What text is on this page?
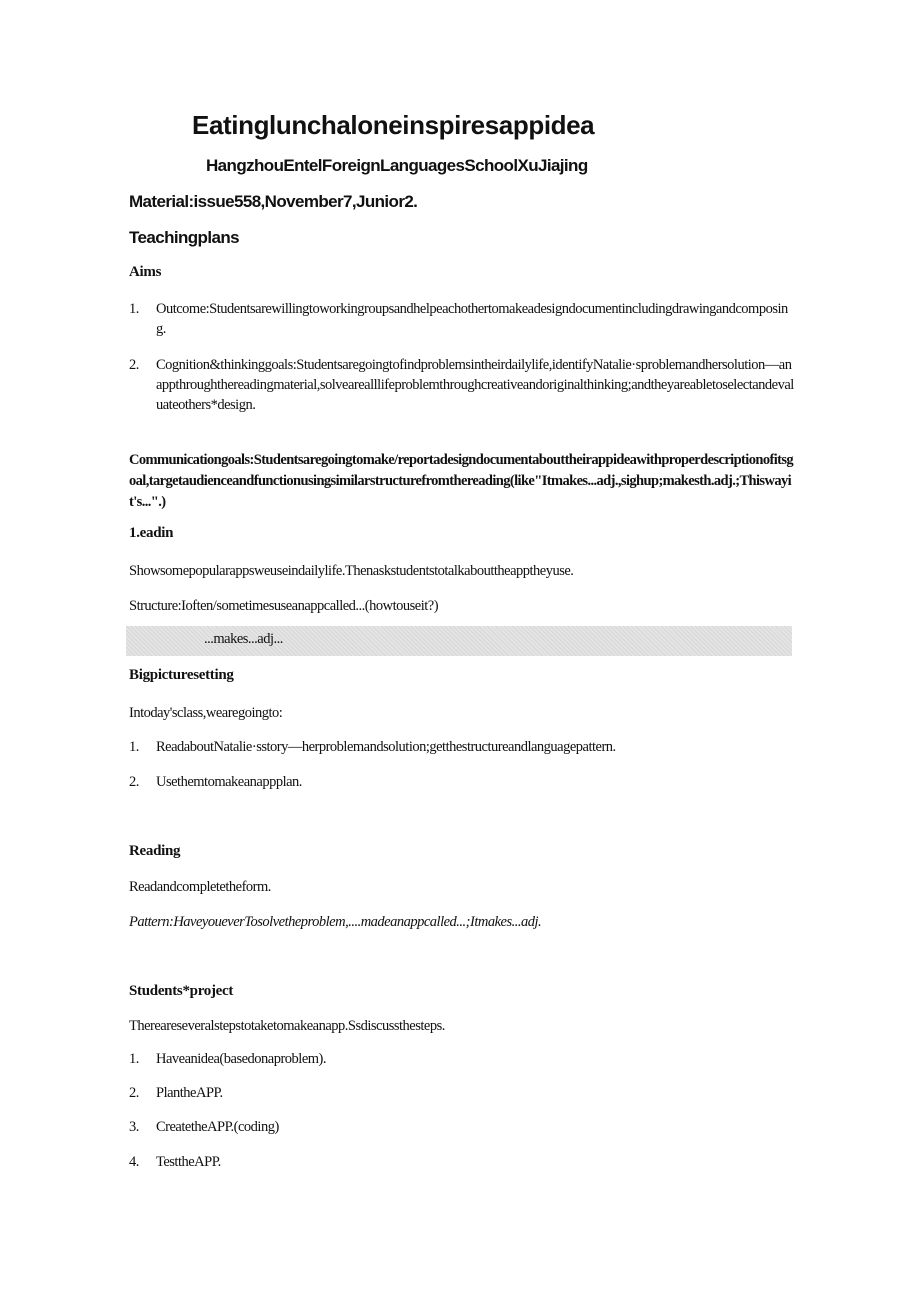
Eatinglunchaloneinspiresappidea
HangzhouEntelForeignLanguagesSchoolXuJiajing

Material:issue558,November7,Junior2.

Teachingplans

Aims

1. Outcome:Studentsarewillingtoworkingroupsandhelpeachothertomakeadesigndocumentincludingdrawingandcomposing.
2. Cognition&thinkinggoals:Studentsaregoingtofindproblemsintheirdailylife,identifyNatalie·sproblemandhersolution—anappthroughthereadingmaterial,solvearealllifeproblemthroughcreativeandoriginalthinking;andtheyareabletoselectandevaluateothers*design.

Communicationgoals:Studentsaregoingtomake/reportadesigndocumentabouttheirappideawithproperdescriptionofitsgoal,targetaudienceandfunctionusingsimilarstructurefromthereading(like"Itmakes...adj.,sighup;makesth.adj.;Thiswayit's...".)

1.eadin

Showsomepopularappsweuseindailylife.Thenaskstudentstotalkabouttheapptheyuse.

Structure:Ioften/sometimesuseanappcalled...(howtouseit?)

...makes...adj...

Bigpicturesetting

Intoday'sclass,wearegoingto:

1. ReadaboutNatalie·sstory—herproblemandsolution;getthestructureandlanguagepattern.
2. Usethemtomakeanappplan.

Reading

Readandcompletetheform.

Pattern:HaveyoueverTosolvetheproblem,....madeanappcalled...;Itmakes...adj.

Students*project

Thereareseveralstepstotaketomakeanapp.Ssdiscussthesteps.

1. Haveanidea(basedonaproblem).
2. PlantheAPP.
3. CreatetheAPP.(coding)
4. TesttheAPP.
